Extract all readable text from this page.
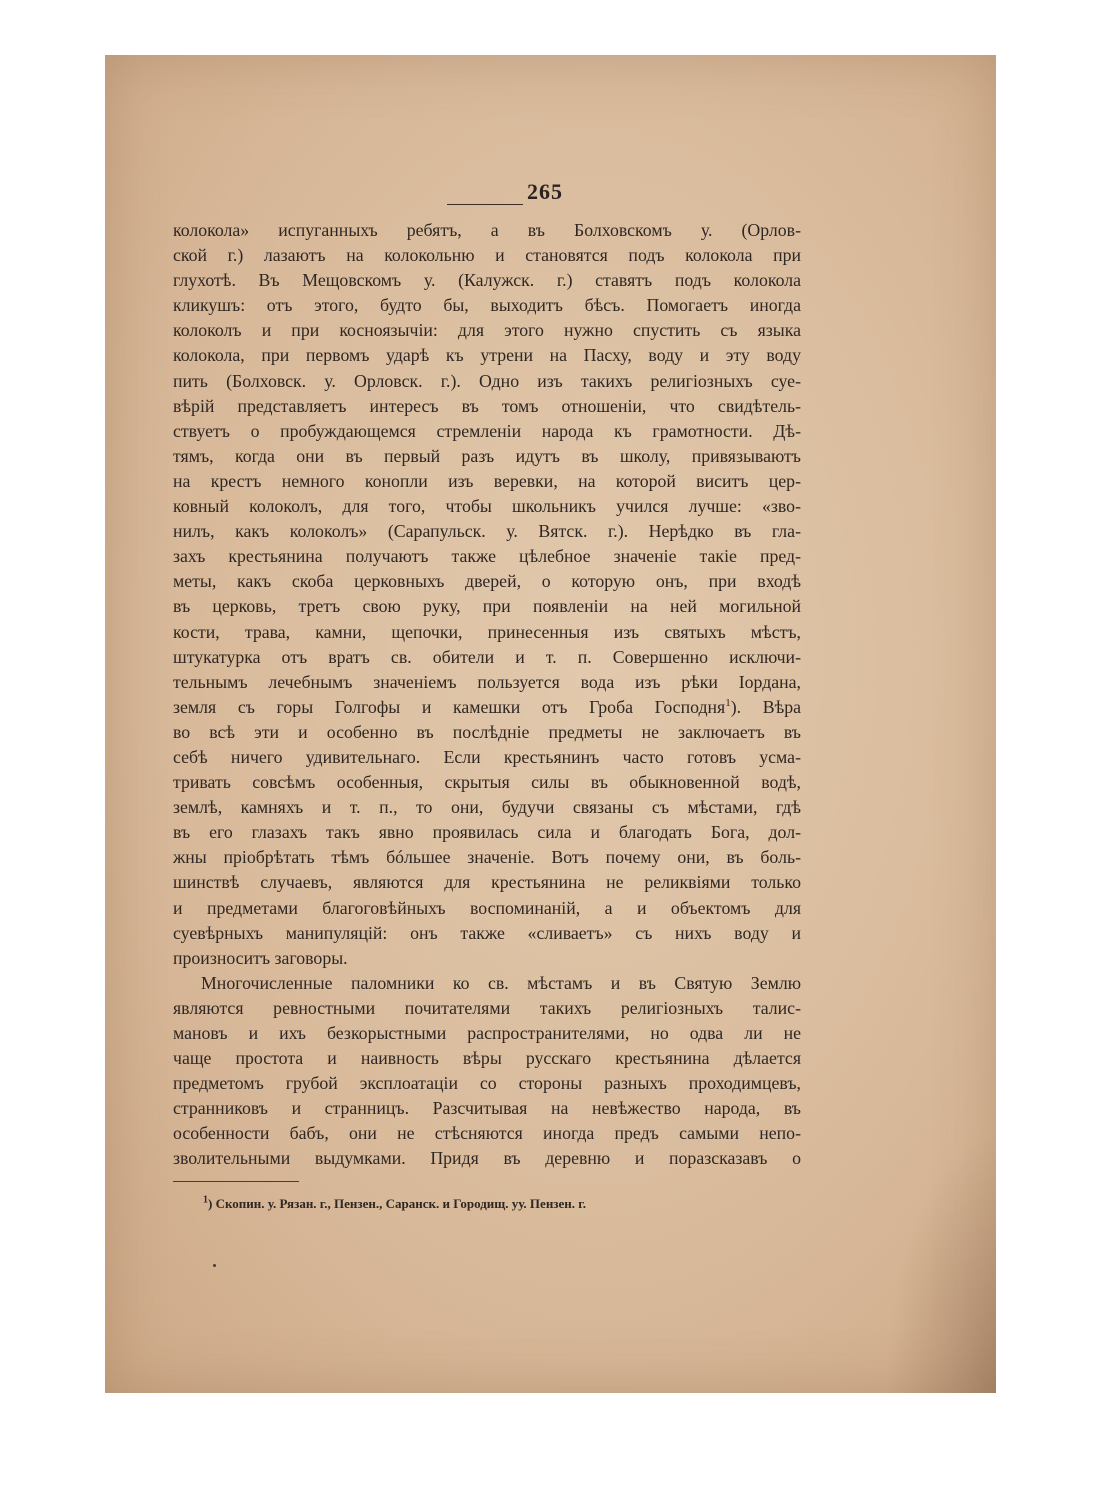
265
колокола» испуганныхъ ребятъ, а въ Болховскомъ у. (Орлов-
ской г.) лазаютъ на колокольню и становятся подъ колокола при
глухотѣ. Въ Мещовскомъ у. (Калужск. г.) ставятъ подъ колокола
кликушъ: отъ этого, будто бы, выходитъ бѣсъ. Помогаетъ иногда
колоколъ и при косноязычіи: для этого нужно спустить съ языка
колокола, при первомъ ударѣ къ утрени на Пасху, воду и эту воду
пить (Болховск. у. Орловск. г.). Одно изъ такихъ религіозныхъ суе-
вѣрій представляетъ интересъ въ томъ отношеніи, что свидѣтель-
ствуетъ о пробуждающемся стремленіи народа къ грамотности. Дѣ-
тямъ, когда они въ первый разъ идутъ въ школу, привязываютъ
на крестъ немного конопли изъ веревки, на которой виситъ цер-
ковный колоколъ, для того, чтобы школьникъ учился лучше: «зво-
нилъ, какъ колоколъ» (Сарапульск. у. Вятск. г.). Нерѣдко въ гла-
захъ крестьянина получаютъ также цѣлебное значеніе такіе пред-
меты, какъ скоба церковныхъ дверей, о которую онъ, при входѣ
въ церковь, третъ свою руку, при появленіи на ней могильной
кости, трава, камни, щепочки, принесенныя изъ святыхъ мѣстъ,
штукатурка отъ вратъ св. обители и т. п. Совершенно исключи-
тельнымъ лечебнымъ значеніемъ пользуется вода изъ рѣки Іордана,
земля съ горы Голгофы и камешки отъ Гроба Господня$^1$). Вѣра
во всѣ эти и особенно въ послѣдніе предметы не заключаетъ въ
себѣ ничего удивительнаго. Если крестьянинъ часто готовъ усма-
тривать совсѣмъ особенныя, скрытыя силы въ обыкновенной водѣ,
землѣ, камняхъ и т. п., то они, будучи связаны съ мѣстами, гдѣ
въ его глазахъ такъ явно проявилась сила и благодать Бога, дол-
жны пріобрѣтать тѣмъ бóльшее значеніе. Вотъ почему они, въ боль-
шинствѣ случаевъ, являются для крестьянина не реликвіями только
и предметами благоговѣйныхъ воспоминаній, а и объектомъ для
суевѣрныхъ манипуляцій: онъ также «сливаетъ» съ нихъ воду и
произноситъ заговоры.
Многочисленные паломники ко св. мѣстамъ и въ Святую Землю
являются ревностными почитателями такихъ религіозныхъ талис-
мановъ и ихъ безкорыстными распространителями, но одва ли не
чаще простота и наивность вѣры русскаго крестьянина дѣлается
предметомъ грубой эксплоатаціи со стороны разныхъ проходимцевъ,
странниковъ и странницъ. Разсчитывая на невѣжество народа, въ
особенности бабъ, они не стѣсняются иногда предъ самыми непо-
зволительными выдумками. Придя въ деревню и поразсказавъ о
$^1$) Скопин. у. Рязан. г., Пензен., Саранск. и Городищ. уу. Пензен. г.
